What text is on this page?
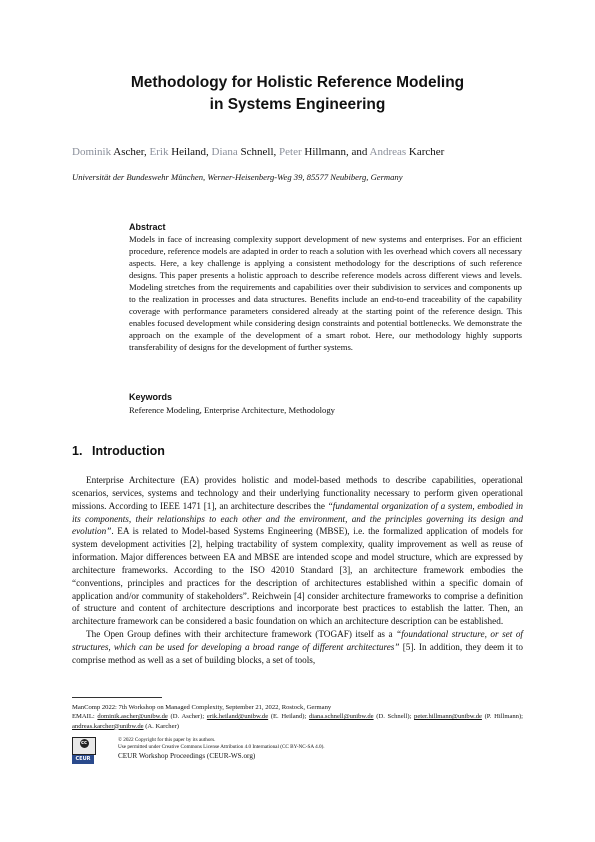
Methodology for Holistic Reference Modeling
in Systems Engineering
Dominik Ascher, Erik Heiland, Diana Schnell, Peter Hillmann, and Andreas Karcher
Universität der Bundeswehr München, Werner-Heisenberg-Weg 39, 85577 Neubiberg, Germany
Abstract
Models in face of increasing complexity support development of new systems and enterprises. For an efficient procedure, reference models are adapted in order to reach a solution with les overhead which covers all necessary aspects. Here, a key challenge is applying a consistent methodology for the descriptions of such reference designs. This paper presents a holistic approach to describe reference models across different views and levels. Modeling stretches from the requirements and capabilities over their subdivision to services and components up to the realization in processes and data structures. Benefits include an end-to-end traceability of the capability coverage with performance parameters considered already at the starting point of the reference design. This enables focused development while considering design constraints and potential bottlenecks. We demonstrate the approach on the example of the development of a smart robot. Here, our methodology highly supports transferability of designs for the development of further systems.
Keywords
Reference Modeling, Enterprise Architecture, Methodology
1. Introduction

Enterprise Architecture (EA) provides holistic and model-based methods to describe capabilities, operational scenarios, services, systems and technology and their underlying functionality necessary to perform given operational missions. According to IEEE 1471 [1], an architecture describes the “fundamental organization of a system, embodied in its components, their relationships to each other and the environment, and the principles governing its design and evolution”. EA is related to Model-based Systems Engineering (MBSE), i.e. the formalized application of models for system development activities [2], helping tractability of system complexity, quality improvement as well as reuse of information. Major differences between EA and MBSE are intended scope and model structure, which are expressed by architecture frameworks. According to the ISO 42010 Standard [3], an architecture framework embodies the “conventions, principles and practices for the description of architectures established within a specific domain of application and/or community of stakeholders”. Reichwein [4] consider architecture frameworks to comprise a definition of structure and content of architecture descriptions and incorporate best practices to establish the latter. Then, an architecture framework can be considered a basic foundation on which an architecture description can be established.

The Open Group defines with their architecture framework (TOGAF) itself as a “foundational structure, or set of structures, which can be used for developing a broad range of different architectures” [5]. In addition, they deem it to comprise method as well as a set of building blocks, a set of tools,

ManComp 2022: 7th Workshop on Managed Complexity, September 21, 2022, Rostock, Germany
EMAIL: dominik.ascher@unibw.de (D. Ascher); erik.heiland@unibw.de (E. Heiland); diana.schnell@unibw.de (D. Schnell); peter.hillmann@unibw.de (P. Hillmann); andreas.karcher@unibw.de (A. Karcher)
cc
CEUR
© 2022 Copyright for this paper by its authors.
Use permitted under Creative Commons License Attribution 4.0 International (CC BY-NC-SA 4.0).
CEUR Workshop Proceedings (CEUR-WS.org)
